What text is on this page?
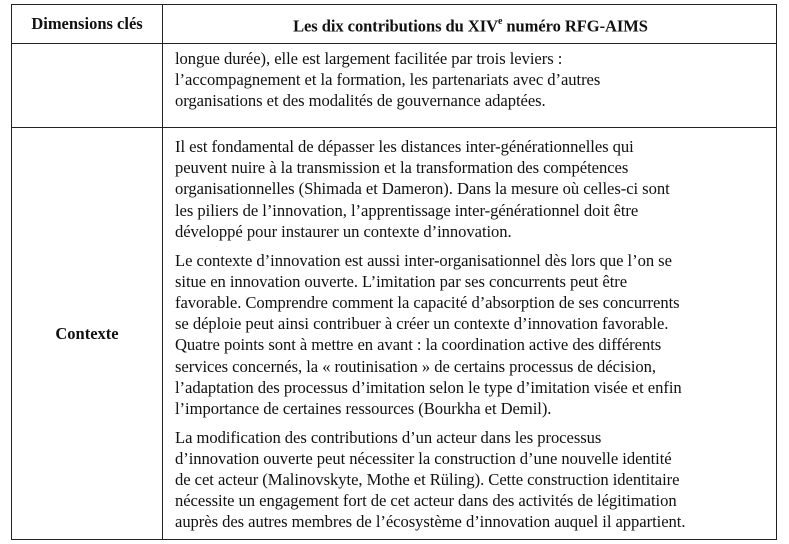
Dimensions clés	Les dix contributions du XIVe numéro RFG-AIMS
longue durée), elle est largement facilitée par trois leviers :
l’accompagnement et la formation, les partenariats avec d’autres
organisations et des modalités de gouvernance adaptées.
Contexte
Il est fondamental de dépasser les distances inter-générationnelles qui
peuvent nuire à la transmission et la transformation des compétences
organisationnelles (Shimada et Dameron). Dans la mesure où celles-ci sont
les piliers de l’innovation, l’apprentissage inter-générationnel doit être
développé pour instaurer un contexte d’innovation.
Le contexte d’innovation est aussi inter-organisationnel dès lors que l’on se
situe en innovation ouverte. L’imitation par ses concurrents peut être
favorable. Comprendre comment la capacité d’absorption de ses concurrents
se déploie peut ainsi contribuer à créer un contexte d’innovation favorable.
Quatre points sont à mettre en avant : la coordination active des différents
services concernés, la « routinisation » de certains processus de décision,
l’adaptation des processus d’imitation selon le type d’imitation visée et enfin
l’importance de certaines ressources (Bourkha et Demil).
La modification des contributions d’un acteur dans les processus
d’innovation ouverte peut nécessiter la construction d’une nouvelle identité
de cet acteur (Malinovskyte, Mothe et Rüling). Cette construction identitaire
nécessite un engagement fort de cet acteur dans des activités de légitimation
auprès des autres membres de l’écosystème d’innovation auquel il appartient.
